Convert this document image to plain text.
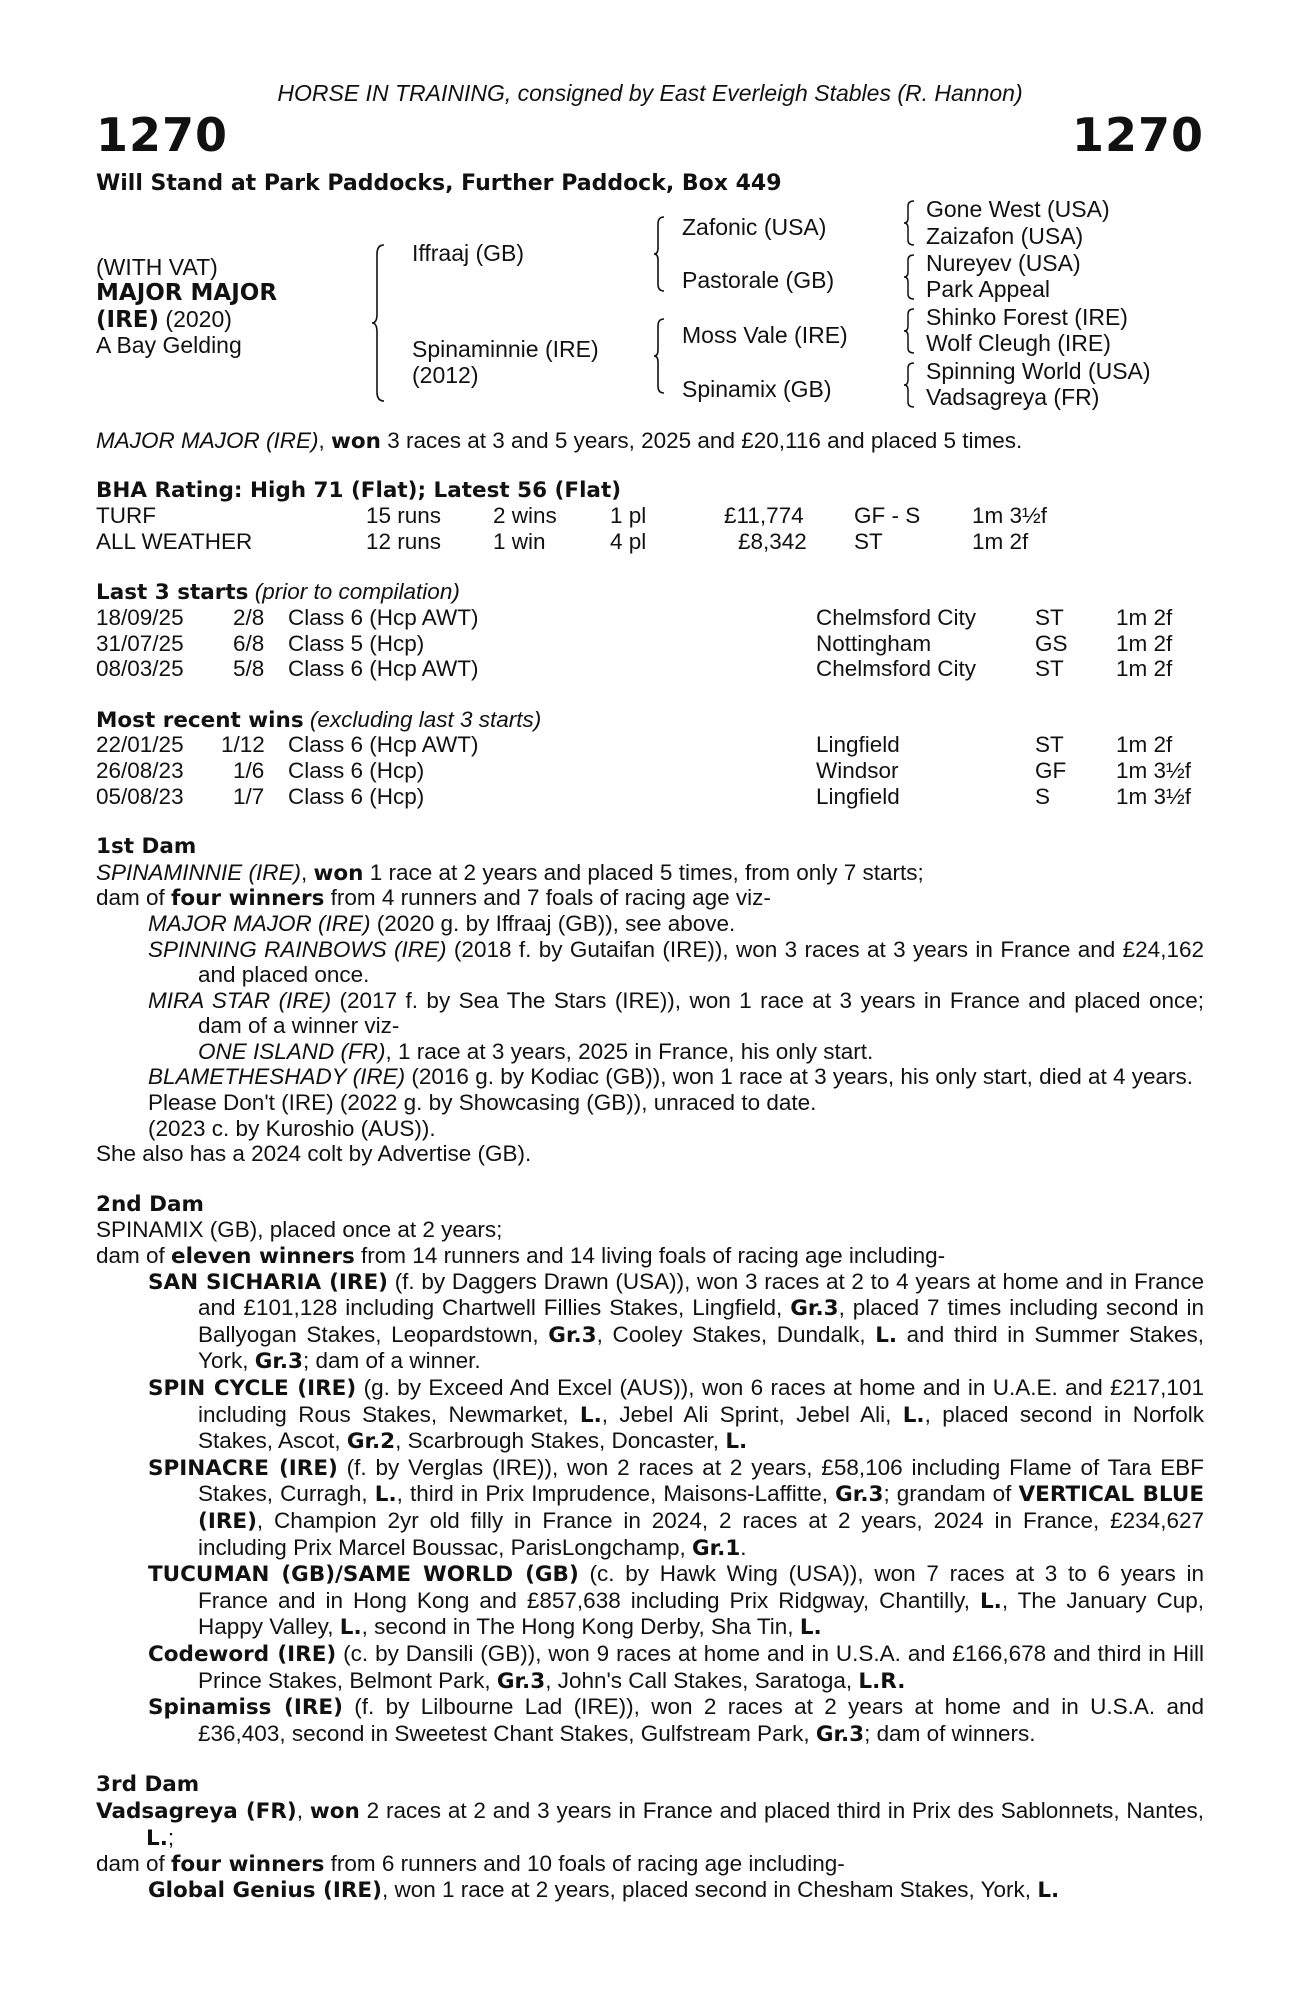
HORSE IN TRAINING, consigned by East Everleigh Stables (R. Hannon)
1270	1270
Will Stand at Park Paddocks, Further Paddock, Box 449
(WITH VAT)
MAJOR MAJOR
(IRE) (2020)
A Bay Gelding
Iffraaj (GB)
Spinaminnie (IRE)
(2012)
Zafonic (USA)
Pastorale (GB)
Moss Vale (IRE)
Spinamix (GB)
Gone West (USA)
Zaizafon (USA)
Nureyev (USA)
Park Appeal
Shinko Forest (IRE)
Wolf Cleugh (IRE)
Spinning World (USA)
Vadsagreya (FR)
MAJOR MAJOR (IRE), won 3 races at 3 and 5 years, 2025 and £20,116 and placed 5 times.
BHA Rating: High 71 (Flat); Latest 56 (Flat)
TURF	15 runs 2 wins 1 pl	£11,774 GF - S 1m 3½f
ALL WEATHER	12 runs 1 win	4 pl	£8,342 ST	1m 2f
Last 3 starts (prior to compilation)
18/09/25 2/8 Class 6 (Hcp AWT)	Chelmsford City	ST 1m 2f
31/07/25 6/8 Class 5 (Hcp)	Nottingham	GS 1m 2f
08/03/25 5/8 Class 6 (Hcp AWT)	Chelmsford City	ST 1m 2f
Most recent wins (excluding last 3 starts)
22/01/25 1/12 Class 6 (Hcp AWT)	Lingfield	ST 1m 2f
26/08/23 1/6 Class 6 (Hcp)	Windsor	GF 1m 3½f
05/08/23 1/7 Class 6 (Hcp)	Lingfield	S	1m 3½f
1st Dam
SPINAMINNIE (IRE), won 1 race at 2 years and placed 5 times, from only 7 starts;
dam of four winners from 4 runners and 7 foals of racing age viz-
MAJOR MAJOR (IRE) (2020 g. by Iffraaj (GB)), see above.
SPINNING RAINBOWS (IRE) (2018 f. by Gutaifan (IRE)), won 3 races at 3 years in France and £24,162 and placed once.
MIRA STAR (IRE) (2017 f. by Sea The Stars (IRE)), won 1 race at 3 years in France and placed once; dam of a winner viz-
ONE ISLAND (FR), 1 race at 3 years, 2025 in France, his only start.
BLAMETHESHADY (IRE) (2016 g. by Kodiac (GB)), won 1 race at 3 years, his only start, died at 4 years.
Please Don't (IRE) (2022 g. by Showcasing (GB)), unraced to date.
(2023 c. by Kuroshio (AUS)).
She also has a 2024 colt by Advertise (GB).
2nd Dam
SPINAMIX (GB), placed once at 2 years;
dam of eleven winners from 14 runners and 14 living foals of racing age including-
SAN SICHARIA (IRE) (f. by Daggers Drawn (USA)), won 3 races at 2 to 4 years at home and in France and £101,128 including Chartwell Fillies Stakes, Lingfield, Gr.3, placed 7 times including second in Ballyogan Stakes, Leopardstown, Gr.3, Cooley Stakes, Dundalk, L. and third in Summer Stakes, York, Gr.3; dam of a winner.
SPIN CYCLE (IRE) (g. by Exceed And Excel (AUS)), won 6 races at home and in U.A.E. and £217,101 including Rous Stakes, Newmarket, L., Jebel Ali Sprint, Jebel Ali, L., placed second in Norfolk Stakes, Ascot, Gr.2, Scarbrough Stakes, Doncaster, L.
SPINACRE (IRE) (f. by Verglas (IRE)), won 2 races at 2 years, £58,106 including Flame of Tara EBF Stakes, Curragh, L., third in Prix Imprudence, Maisons-Laffitte, Gr.3; grandam of VERTICAL BLUE (IRE), Champion 2yr old filly in France in 2024, 2 races at 2 years, 2024 in France, £234,627 including Prix Marcel Boussac, ParisLongchamp, Gr.1.
TUCUMAN (GB)/SAME WORLD (GB) (c. by Hawk Wing (USA)), won 7 races at 3 to 6 years in France and in Hong Kong and £857,638 including Prix Ridgway, Chantilly, L., The January Cup, Happy Valley, L., second in The Hong Kong Derby, Sha Tin, L.
Codeword (IRE) (c. by Dansili (GB)), won 9 races at home and in U.S.A. and £166,678 and third in Hill Prince Stakes, Belmont Park, Gr.3, John's Call Stakes, Saratoga, L.R.
Spinamiss (IRE) (f. by Lilbourne Lad (IRE)), won 2 races at 2 years at home and in U.S.A. and £36,403, second in Sweetest Chant Stakes, Gulfstream Park, Gr.3; dam of winners.
3rd Dam
Vadsagreya (FR), won 2 races at 2 and 3 years in France and placed third in Prix des Sablonnets, Nantes, L.;
dam of four winners from 6 runners and 10 foals of racing age including-
Global Genius (IRE), won 1 race at 2 years, placed second in Chesham Stakes, York, L.
